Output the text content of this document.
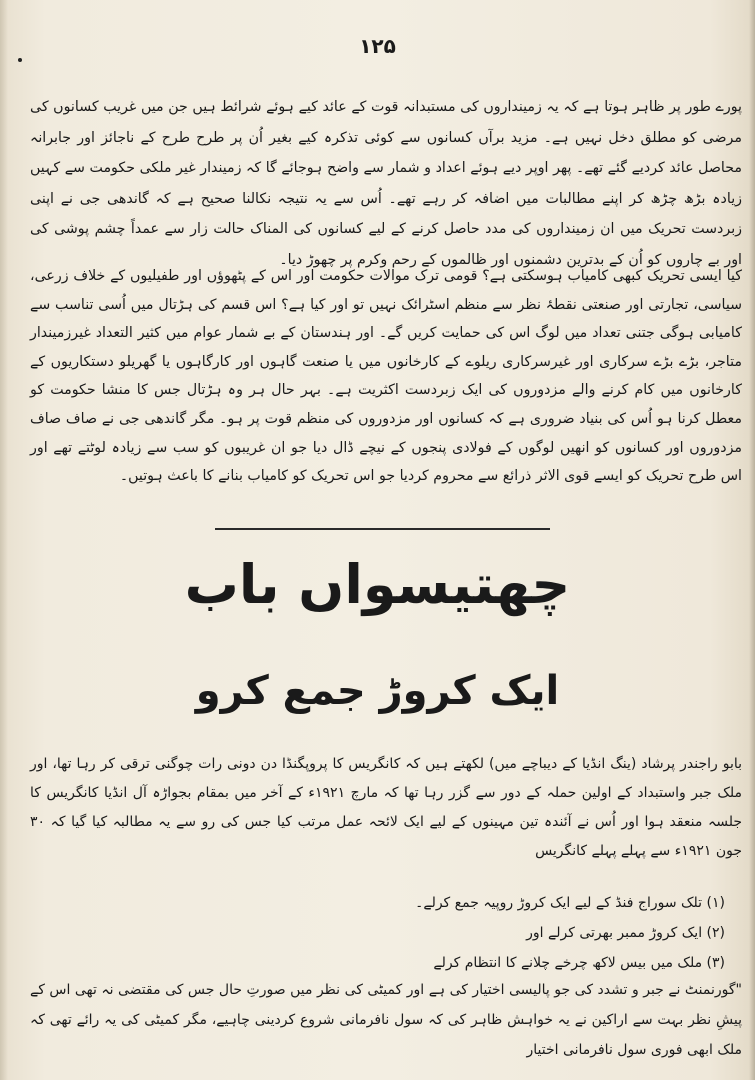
۱۲۵

پورے طور پر ظاہر ہوتا ہے کہ یہ زمینداروں کی مستبدانہ قوت کے عائد کیے ہوئے شرائط ہیں جن میں غریب کسانوں کی مرضی کو مطلق دخل نہیں ہے۔ مزید برآں کسانوں سے کوئی تذکرہ کیے بغیر اُن پر طرح طرح کے ناجائز اور جابرانہ محاصل عائد کردیے گئے تھے۔ پھر اوپر دیے ہوئے اعداد و شمار سے واضح ہوجائے گا کہ زمیندار غیر ملکی حکومت سے کہیں زیادہ بڑھ چڑھ کر اپنے مطالبات میں اضافہ کر رہے تھے۔ اُس سے یہ نتیجہ نکالنا صحیح ہے کہ گاندھی جی نے اپنی زبردست تحریک میں ان زمینداروں کی مدد حاصل کرنے کے لیے کسانوں کی المناک حالت زار سے عمداً چشم پوشی کی اور بے چاروں کو اُن کے بدترین دشمنوں اور ظالموں کے رحم وکرم پر چھوڑ دیا۔

کیا ایسی تحریک کبھی کامیاب ہوسکتی ہے؟ قومی ترک موالات حکومت اور اس کے پٹھوؤں اور طفیلیوں کے خلاف زرعی، سیاسی، تجارتی اور صنعتی نقطۂ نظر سے منظم اسٹرائک نہیں تو اور کیا ہے؟ اس قسم کی ہڑتال میں اُسی تناسب سے کامیابی ہوگی جتنی تعداد میں لوگ اس کی حمایت کریں گے۔ اور ہندستان کے بے شمار عوام میں کثیر التعداد غیرزمیندار متاجر، بڑے بڑے سرکاری اور غیرسرکاری ریلوے کے کارخانوں میں یا صنعت گاہوں اور کارگاہوں یا گھریلو دستکاریوں کے کارخانوں میں کام کرنے والے مزدوروں کی ایک زبردست اکثریت ہے۔ بہر حال ہر وہ ہڑتال جس کا منشا حکومت کو معطل کرنا ہو اُس کی بنیاد ضروری ہے کہ کسانوں اور مزدوروں کی منظم قوت پر ہو۔ مگر گاندھی جی نے صاف صاف مزدوروں اور کسانوں کو انھیں لوگوں کے فولادی پنجوں کے نیچے ڈال دیا جو ان غریبوں کو سب سے زیادہ لوٹتے تھے اور اس طرح تحریک کو ایسے قوی الاثر ذرائع سے محروم کردیا جو اس تحریک کو کامیاب بنانے کا باعث ہوتیں۔

چھتیسواں باب
ایک کروڑ جمع کرو

بابو راجندر پرشاد (ینگ انڈیا کے دیباچے میں) لکھتے ہیں کہ کانگریس کا پروپگنڈا دن دونی رات چوگنی ترقی کر رہا تھا، اور ملک جبر واستبداد کے اولین حملہ کے دور سے گزر رہا تھا کہ مارچ ۱۹۲۱ء کے آخر میں بمقام بجواڑہ آل انڈیا کانگریس کا جلسہ منعقد ہوا اور اُس نے آئندہ تین مہینوں کے لیے ایک لائحہ عمل مرتب کیا جس کی رو سے یہ مطالبہ کیا گیا کہ ۳۰ جون ۱۹۲۱ء سے پہلے پہلے کانگریس

(۱) تلک سوراج فنڈ کے لیے ایک کروڑ روپیہ جمع کرلے۔
(۲) ایک کروڑ ممبر بھرتی کرلے اور
(۳) ملک میں بیس لاکھ چرخے چلانے کا انتظام کرلے

"گورنمنٹ نے جبر و تشدد کی جو پالیسی اختیار کی ہے اور کمیٹی کی نظر میں صورتِ حال جس کی مقتضی نہ تھی اس کے پیشِ نظر بہت سے اراکین نے یہ خواہش ظاہر کی کہ سول نافرمانی شروع کردینی چاہیے، مگر کمیٹی کی یہ رائے تھی کہ ملک ابھی فوری سول نافرمانی اختیار
